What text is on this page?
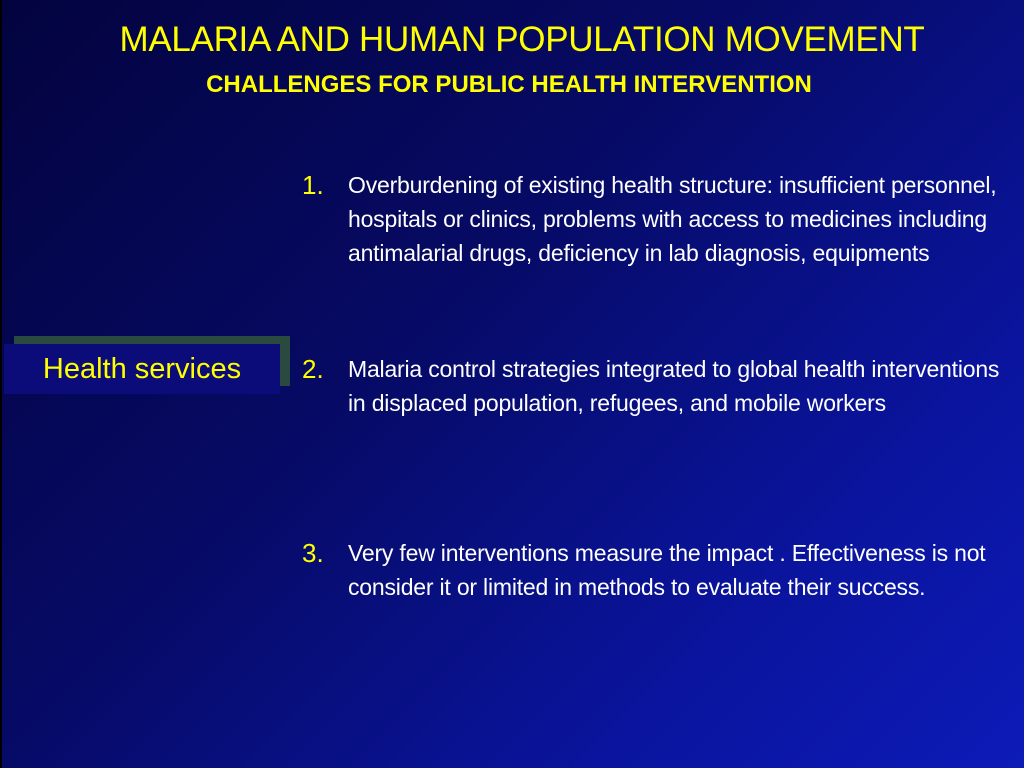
MALARIA AND HUMAN POPULATION MOVEMENT
CHALLENGES FOR PUBLIC HEALTH INTERVENTION
Health services
1.	Overburdening of existing health structure: insufficient personnel, hospitals or clinics, problems with access to medicines including antimalarial drugs, deficiency in lab diagnosis, equipments
2.	Malaria control strategies integrated to global health interventions in displaced population, refugees, and mobile workers
3.	Very few interventions measure the impact . Effectiveness is not consider it or limited in methods to evaluate their success.
